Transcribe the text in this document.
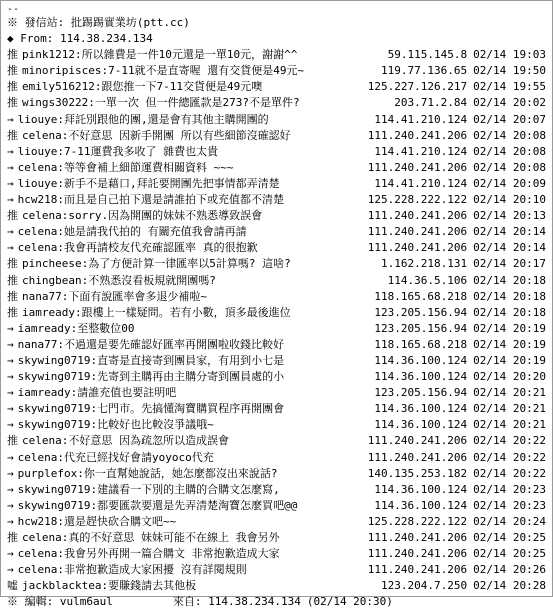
--
※ 發信站: 批踢踢實業坊(ptt.cc)
◆ From: 114.38.234.134
推 pink1212 :所以雜費是一件10元還是一單10元，謝謝^^	59.115.145.8 02/14 19:03
推 minoripisces :7-11就不是直寄喔 還有交貨便是49元~	119.77.136.65 02/14 19:50
推 emily516212 :跟您推一下7-11交貨便是49元噢	125.227.126.217 02/14 19:55
推 wings30222 :一單一次 但一件總匯款是273?不是單件?	203.71.2.84 02/14 20:02
→ liouye :拜託別跟他的團,還是會有其他主購開團的	114.41.210.124 02/14 20:07
推 celena :不好意思 因新手開團 所以有些細節沒確認好	111.240.241.206 02/14 20:08
→ liouye :7-11運費我多收了 雜費也太貴	114.41.210.124 02/14 20:08
→ celena :等等會補上細節運費相關資料 ~~~	111.240.241.206 02/14 20:08
→ liouye :新手不是藉口,拜託要開團先把事情都弄清楚	114.41.210.124 02/14 20:09
→ hcw218 :而且是自己拍下還是請誰拍下或充值都不清楚	125.228.222.122 02/14 20:10
推 celena :sorry.因為開團的妹妹不熟悉導致誤會	111.240.241.206 02/14 20:13
→ celena :她是請我代拍的 有關充值我會請再請	111.240.241.206 02/14 20:14
→ celena :我會再請校友代充確認匯率 真的很抱歉	111.240.241.206 02/14 20:14
推 pincheese :為了方便計算一律匯率以5計算嗎? 這啥?	1.162.218.131 02/14 20:17
推 chingbean :不熟悉沒看板規就開團嗎?	114.36.5.106 02/14 20:18
推 nana77 :下面有說匯率會多退少補啦~	118.165.68.218 02/14 20:18
推 iamready :跟樓上一樣疑問。若有小數，頂多最後進位	123.205.156.94 02/14 20:18
→ iamready :至整數位00	123.205.156.94 02/14 20:19
→ nana77 :不過還是要先確認好匯率再開團啦收錢比較好	118.165.68.218 02/14 20:19
→ skywing0719 :直寄是直接寄到團員家，有用到小七是	114.36.100.124 02/14 20:19
→ skywing0719 :先寄到主購再由主購分寄到團員處的小	114.36.100.124 02/14 20:20
→ iamready :請誰充值也要註明吧	123.205.156.94 02/14 20:21
→ skywing0719 :七門市。先搞懂淘寶購買程序再開團會	114.36.100.124 02/14 20:21
→ skywing0719 :比較好也比較沒爭議哦~	114.36.100.124 02/14 20:21
推 celena :不好意思 因為疏忽所以造成誤會	111.240.241.206 02/14 20:22
→ celena :代充已經找好會請yoyoco代充	111.240.241.206 02/14 20:22
→ purplefox :你一直幫她說話，她怎麼都沒出來說話?	140.135.253.182 02/14 20:22
→ skywing0719 :建議看一下別的主購的合購文怎麼寫,	114.36.100.124 02/14 20:23
→ skywing0719 :都要匯款要還是先弄清楚淘寶怎麼買吧@@	114.36.100.124 02/14 20:23
→ hcw218 :還是趕快砍合購文吧~~	125.228.222.122 02/14 20:24
推 celena :真的不好意思 妹妹可能不在線上 我會另外	111.240.241.206 02/14 20:25
→ celena :我會另外再開一篇合購文 非常抱歉造成大家	111.240.241.206 02/14 20:25
→ celena :非常抱歉造成大家困擾 沒有詳閱規則	111.240.241.206 02/14 20:26
噓 jackblacktea :要賺錢請去其他板	123.204.7.250 02/14 20:28
※ 編輯: vulm6aul	來自: 114.38.234.134 (02/14 20:30)
